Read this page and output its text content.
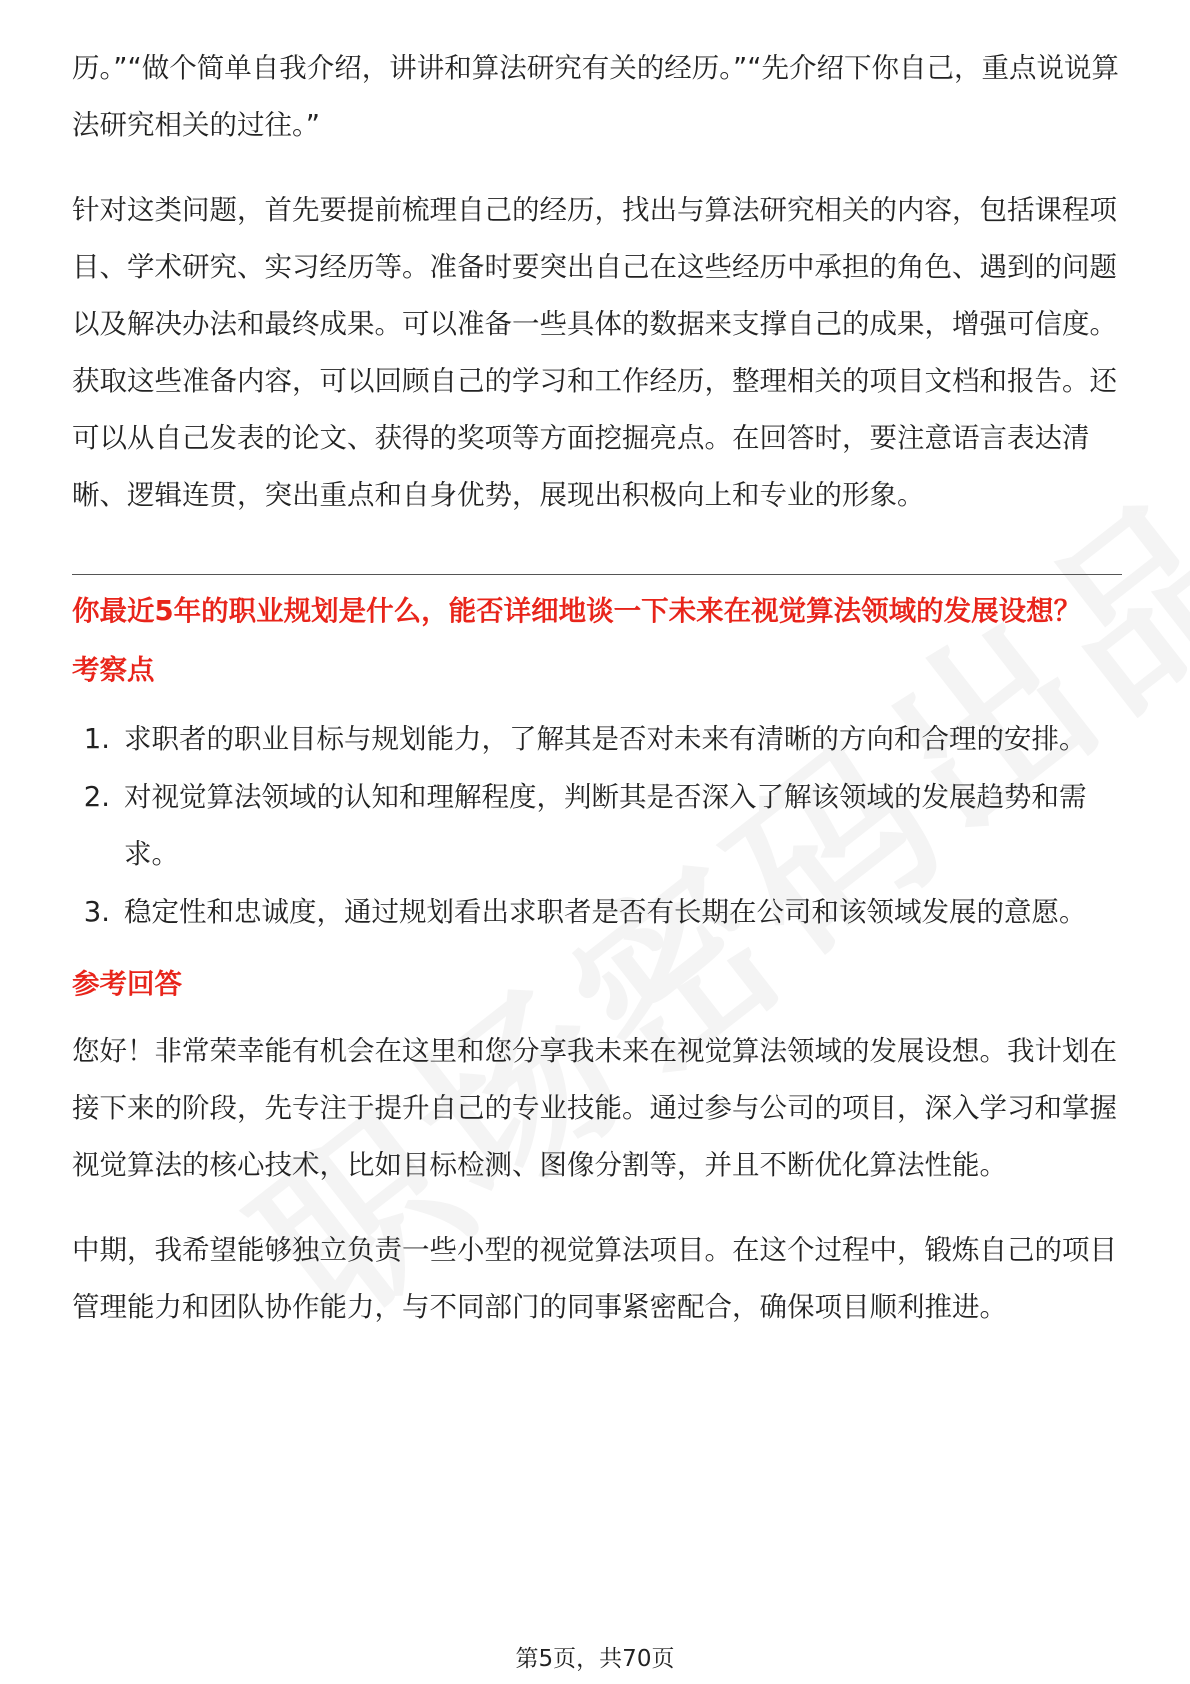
历。”“做个简单自我介绍，讲讲和算法研究有关的经历。”“先介绍下你自己，重点说说算法研究相关的过往。”

针对这类问题，首先要提前梳理自己的经历，找出与算法研究相关的内容，包括课程项目、学术研究、实习经历等。准备时要突出自己在这些经历中承担的角色、遇到的问题以及解决办法和最终成果。可以准备一些具体的数据来支撑自己的成果，增强可信度。获取这些准备内容，可以回顾自己的学习和工作经历，整理相关的项目文档和报告。还可以从自己发表的论文、获得的奖项等方面挖掘亮点。在回答时，要注意语言表达清晰、逻辑连贯，突出重点和自身优势，展现出积极向上和专业的形象。

你最近5年的职业规划是什么，能否详细地谈一下未来在视觉算法领域的发展设想？
考察点
1. 求职者的职业目标与规划能力，了解其是否对未来有清晰的方向和合理的安排。
2. 对视觉算法领域的认知和理解程度，判断其是否深入了解该领域的发展趋势和需求。
3. 稳定性和忠诚度，通过规划看出求职者是否有长期在公司和该领域发展的意愿。
参考回答

您好！非常荣幸能有机会在这里和您分享我未来在视觉算法领域的发展设想。我计划在接下来的阶段，先专注于提升自己的专业技能。通过参与公司的项目，深入学习和掌握视觉算法的核心技术，比如目标检测、图像分割等，并且不断优化算法性能。

中期，我希望能够独立负责一些小型的视觉算法项目。在这个过程中，锻炼自己的项目管理能力和团队协作能力，与不同部门的同事紧密配合，确保项目顺利推进。

第5页，共70页
